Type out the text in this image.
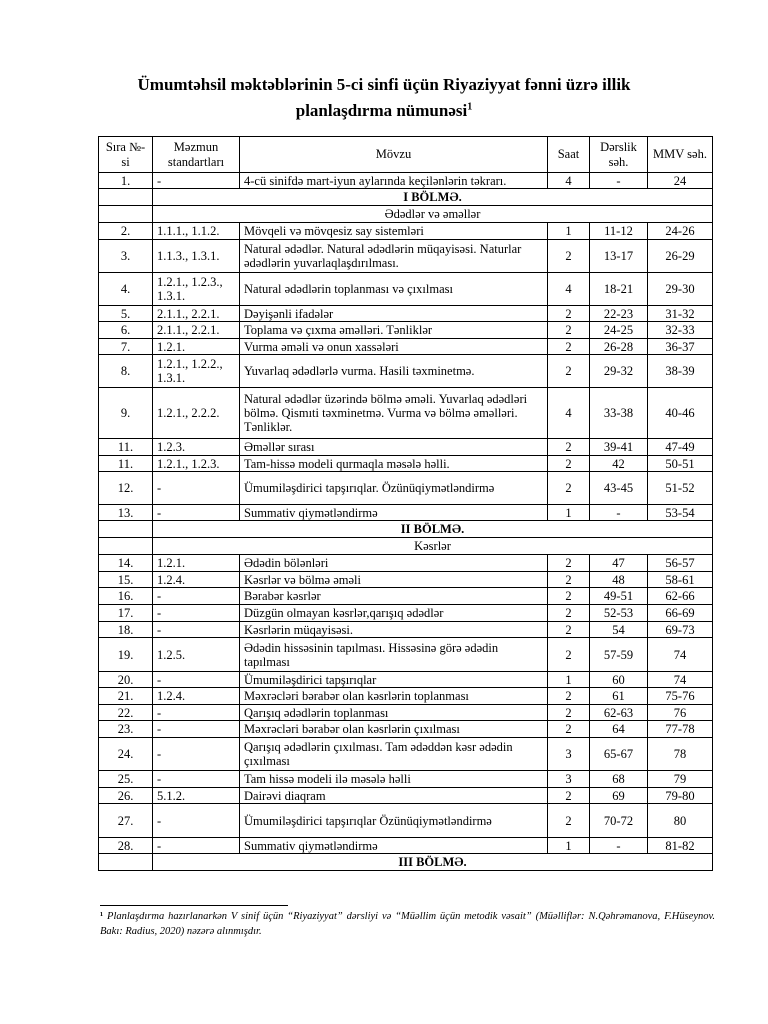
Ümumtəhsil məktəblərinin 5-ci sinfi üçün Riyaziyyat fənni üzrə illik
planlaşdırma nümunəsi$^1$
Sıra №-si	Məzmun standartları	Mövzu	Saat	Dərslik səh.	MMV səh.
1.	-	4-cü sinifdə mart-iyun aylarında keçilənlərin təkrarı.	4	-	24
	I BÖLMƏ.				
	Ədədlər və əməllər				
2.	1.1.1., 1.1.2.	Mövqeli və mövqesiz say sistemləri	1	11-12	24-26
3.	1.1.3., 1.3.1.	Natural ədədlər. Natural ədədlərin müqayisəsi. Naturlar ədədlərin yuvarlaqlaşdırılması.	2	13-17	26-29
4.	1.2.1., 1.2.3., 1.3.1.	Natural ədədlərin toplanması və çıxılması	4	18-21	29-30
5.	2.1.1., 2.2.1.	Dəyişənli ifadələr	2	22-23	31-32
6.	2.1.1., 2.2.1.	Toplama və çıxma əməlləri. Tənliklər	2	24-25	32-33
7.	1.2.1.	Vurma əməli və onun xassələri	2	26-28	36-37
8.	1.2.1., 1.2.2., 1.3.1.	Yuvarlaq ədədlərlə vurma. Hasili təxminetmə.	2	29-32	38-39
9.	1.2.1., 2.2.2.	Natural ədədlər üzərində bölmə əməli. Yuvarlaq ədədləri bölmə. Qismıti təxminetmə. Vurma və bölmə əməlləri. Tənliklər.	4	33-38	40-46
11.	1.2.3.	Əməllər sırası	2	39-41	47-49
11.	1.2.1., 1.2.3.	Tam-hissə modeli qurmaqla məsələ həlli.	2	42	50-51
12.	-	Ümumiləşdirici tapşırıqlar. Özünüqiymətləndirmə	2	43-45	51-52
13.	-	Summativ qiymətləndirmə	1	-	53-54
	II BÖLMƏ.				
	Kəsrlər				
14.	1.2.1.	Ədədin bölənləri	2	47	56-57
15.	1.2.4.	Kəsrlər və bölmə əməli	2	48	58-61
16.	-	Bərabər kəsrlər	2	49-51	62-66
17.	-	Düzgün olmayan kəsrlər,qarışıq ədədlər	2	52-53	66-69
18.	-	Kəsrlərin müqayisəsi.	2	54	69-73
19.	1.2.5.	Ədədin hissəsinin tapılması. Hissəsinə görə ədədin tapılması	2	57-59	74
20.	-	Ümumiləşdirici tapşırıqlar	1	60	74
21.	1.2.4.	Məxrəcləri bərabər olan kəsrlərin toplanması	2	61	75-76
22.	-	Qarışıq ədədlərin toplanması	2	62-63	76
23.	-	Məxrəcləri bərabər olan kəsrlərin çıxılması	2	64	77-78
24.	-	Qarışıq ədədlərin çıxılması. Tam ədəddən kəsr ədədin çıxılması	3	65-67	78
25.	-	Tam hissə modeli ilə məsələ həlli	3	68	79
26.	5.1.2.	Dairəvi diaqram	2	69	79-80
27.	-	Ümumiləşdirici tapşırıqlar Özünüqiymətləndirmə	2	70-72	80
28.	-	Summativ qiymətləndirmə	1	-	81-82
	III BÖLMƏ.				
¹ Planlaşdırma hazırlanarkən V sinif üçün “Riyaziyyat” dərsliyi və “Müəllim üçün metodik vəsait” (Müəlliflər: N.Qəhrəmanova, F.Hüseynov. Bakı: Radius, 2020) nəzərə alınmışdır.
